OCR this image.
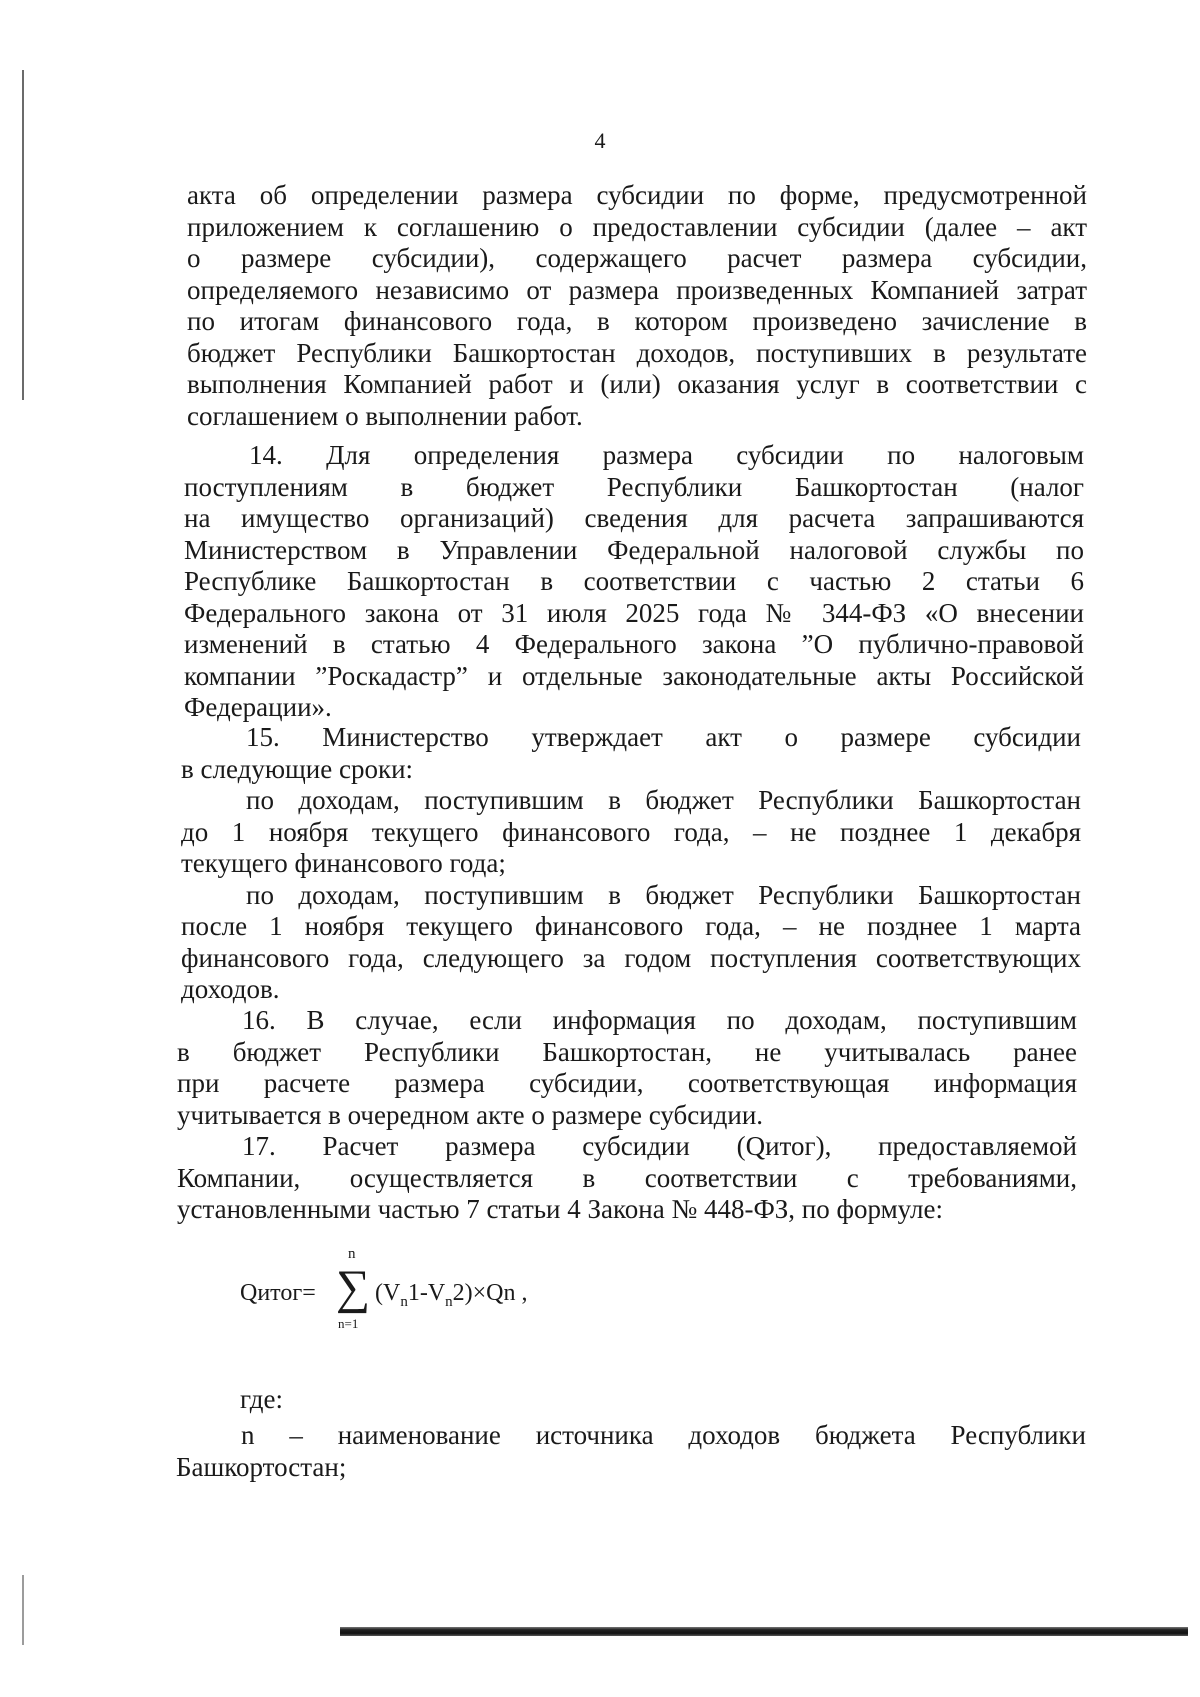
4
акта об определении размера субсидии по форме, предусмотренной
приложением к соглашению о предоставлении субсидии (далее – акт
о размере субсидии), содержащего расчет размера субсидии,
определяемого независимо от размера произведенных Компанией затрат
по итогам финансового года, в котором произведено зачисление в
бюджет Республики Башкортостан доходов, поступивших в результате
выполнения Компанией работ и (или) оказания услуг в соответствии с
соглашением о выполнении работ.
14. Для определения размера субсидии по налоговым
поступлениям в бюджет Республики Башкортостан (налог
на имущество организаций) сведения для расчета запрашиваются
Министерством в Управлении Федеральной налоговой службы по
Республике Башкортостан в соответствии с частью 2 статьи 6
Федерального закона от 31 июля 2025 года № 344-ФЗ «О внесении
изменений в статью 4 Федерального закона ”О публично-правовой
компании ”Роскадастр” и отдельные законодательные акты Российской
Федерации».
15. Министерство утверждает акт о размере субсидии
в следующие сроки:
по доходам, поступившим в бюджет Республики Башкортостан
до 1 ноября текущего финансового года, – не позднее 1 декабря
текущего финансового года;
по доходам, поступившим в бюджет Республики Башкортостан
после 1 ноября текущего финансового года, – не позднее 1 марта
финансового года, следующего за годом поступления соответствующих
доходов.
16. В случае, если информация по доходам, поступившим
в бюджет Республики Башкортостан, не учитывалась ранее
при расчете размера субсидии, соответствующая информация
учитывается в очередном акте о размере субсидии.
17. Расчет размера субсидии (Qитог), предоставляемой
Компании, осуществляется в соответствии с требованиями,
установленными частью 7 статьи 4 Закона № 448-ФЗ, по формуле:
Qитог=
n
∑
n=1
$(V_n1-V_n2)\times Qn$ ,
где:
n – наименование источника доходов бюджета Республики
Башкортостан;
